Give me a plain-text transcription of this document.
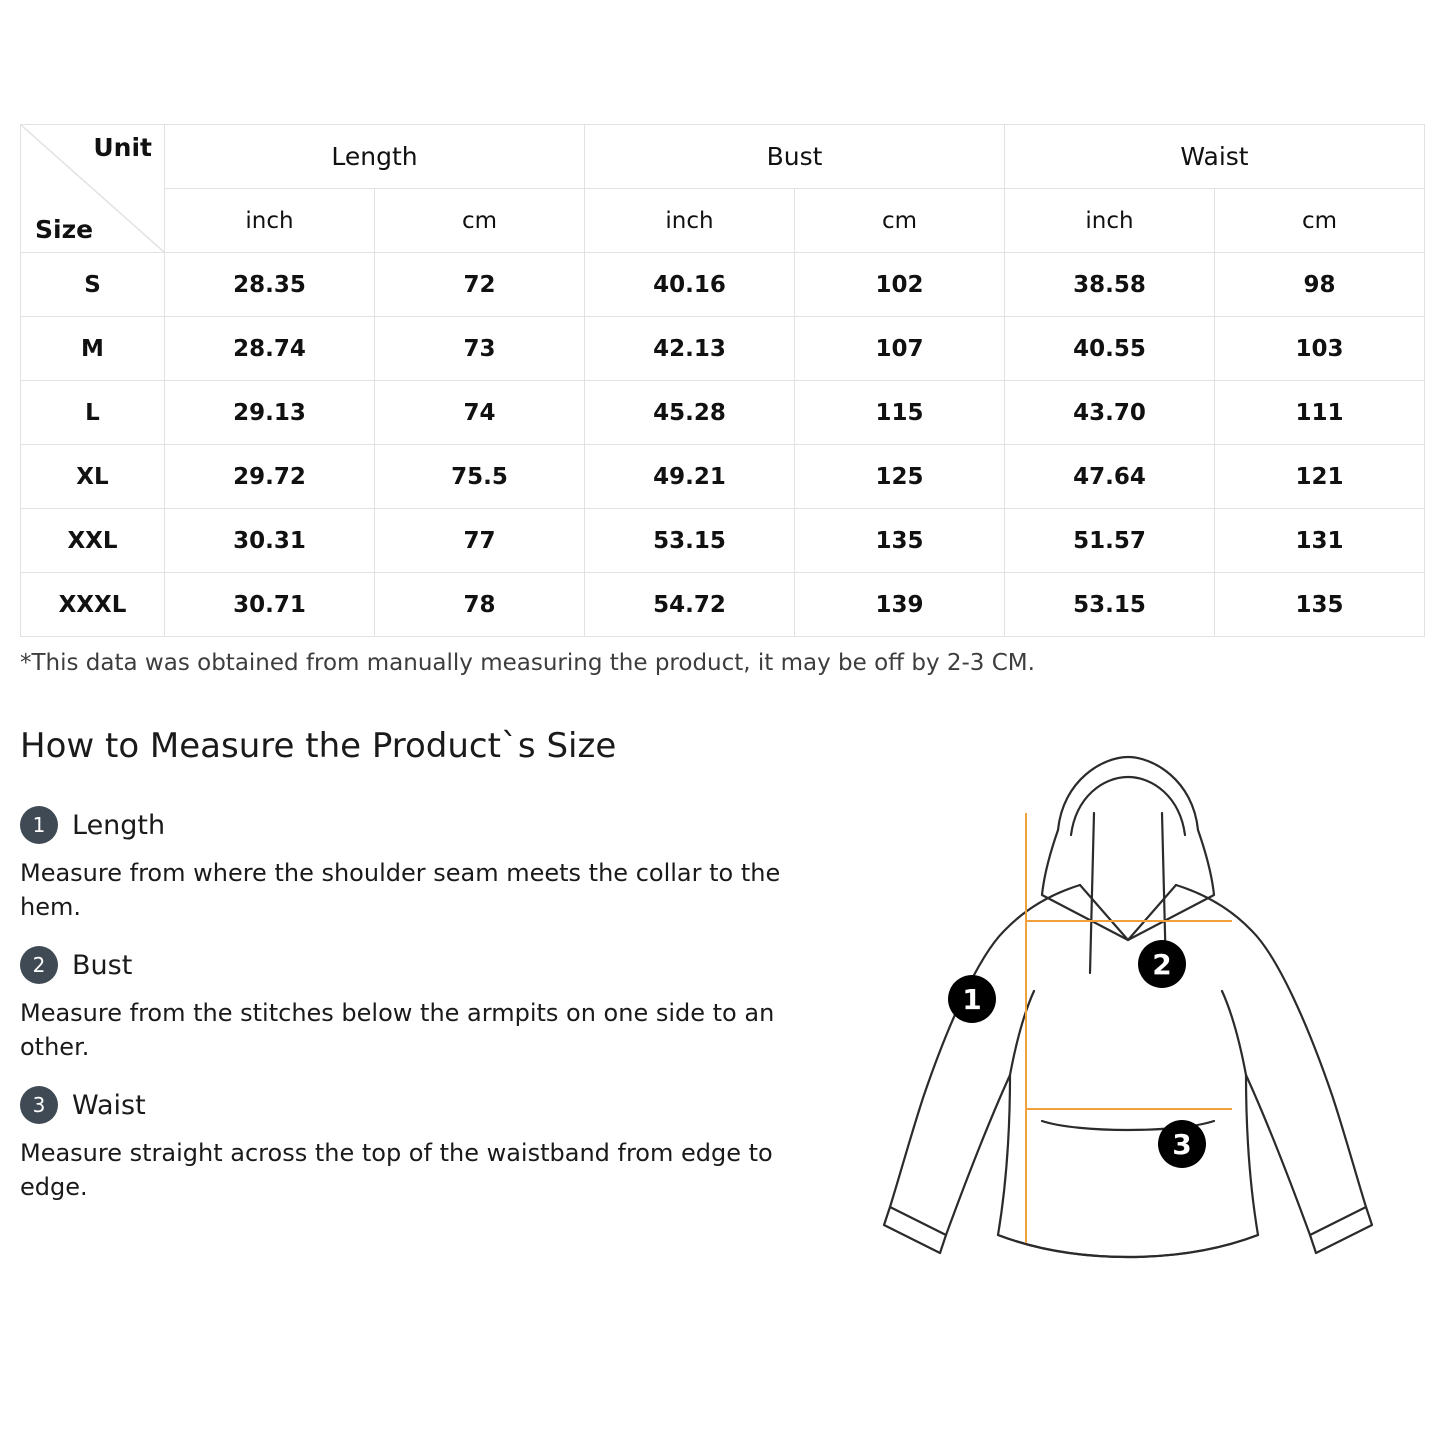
Unit
Size	Length		Bust		Waist	
	inch	cm	inch	cm	inch	cm
S	28.35	72	40.16	102	38.58	98
M	28.74	73	42.13	107	40.55	103
L	29.13	74	45.28	115	43.70	111
XL	29.72	75.5	49.21	125	47.64	121
XXL	30.31	77	53.15	135	51.57	131
XXXL	30.71	78	54.72	139	53.15	135
*This data was obtained from manually measuring the product, it may be off by 2-3 CM.
How to Measure the Product`s Size
1 Length
Measure from where the shoulder seam meets the collar to the hem.
2 Bust
Measure from the stitches below the armpits on one side to an other.
3 Waist
Measure straight across the top of the waistband from edge to edge.
1
2
3
